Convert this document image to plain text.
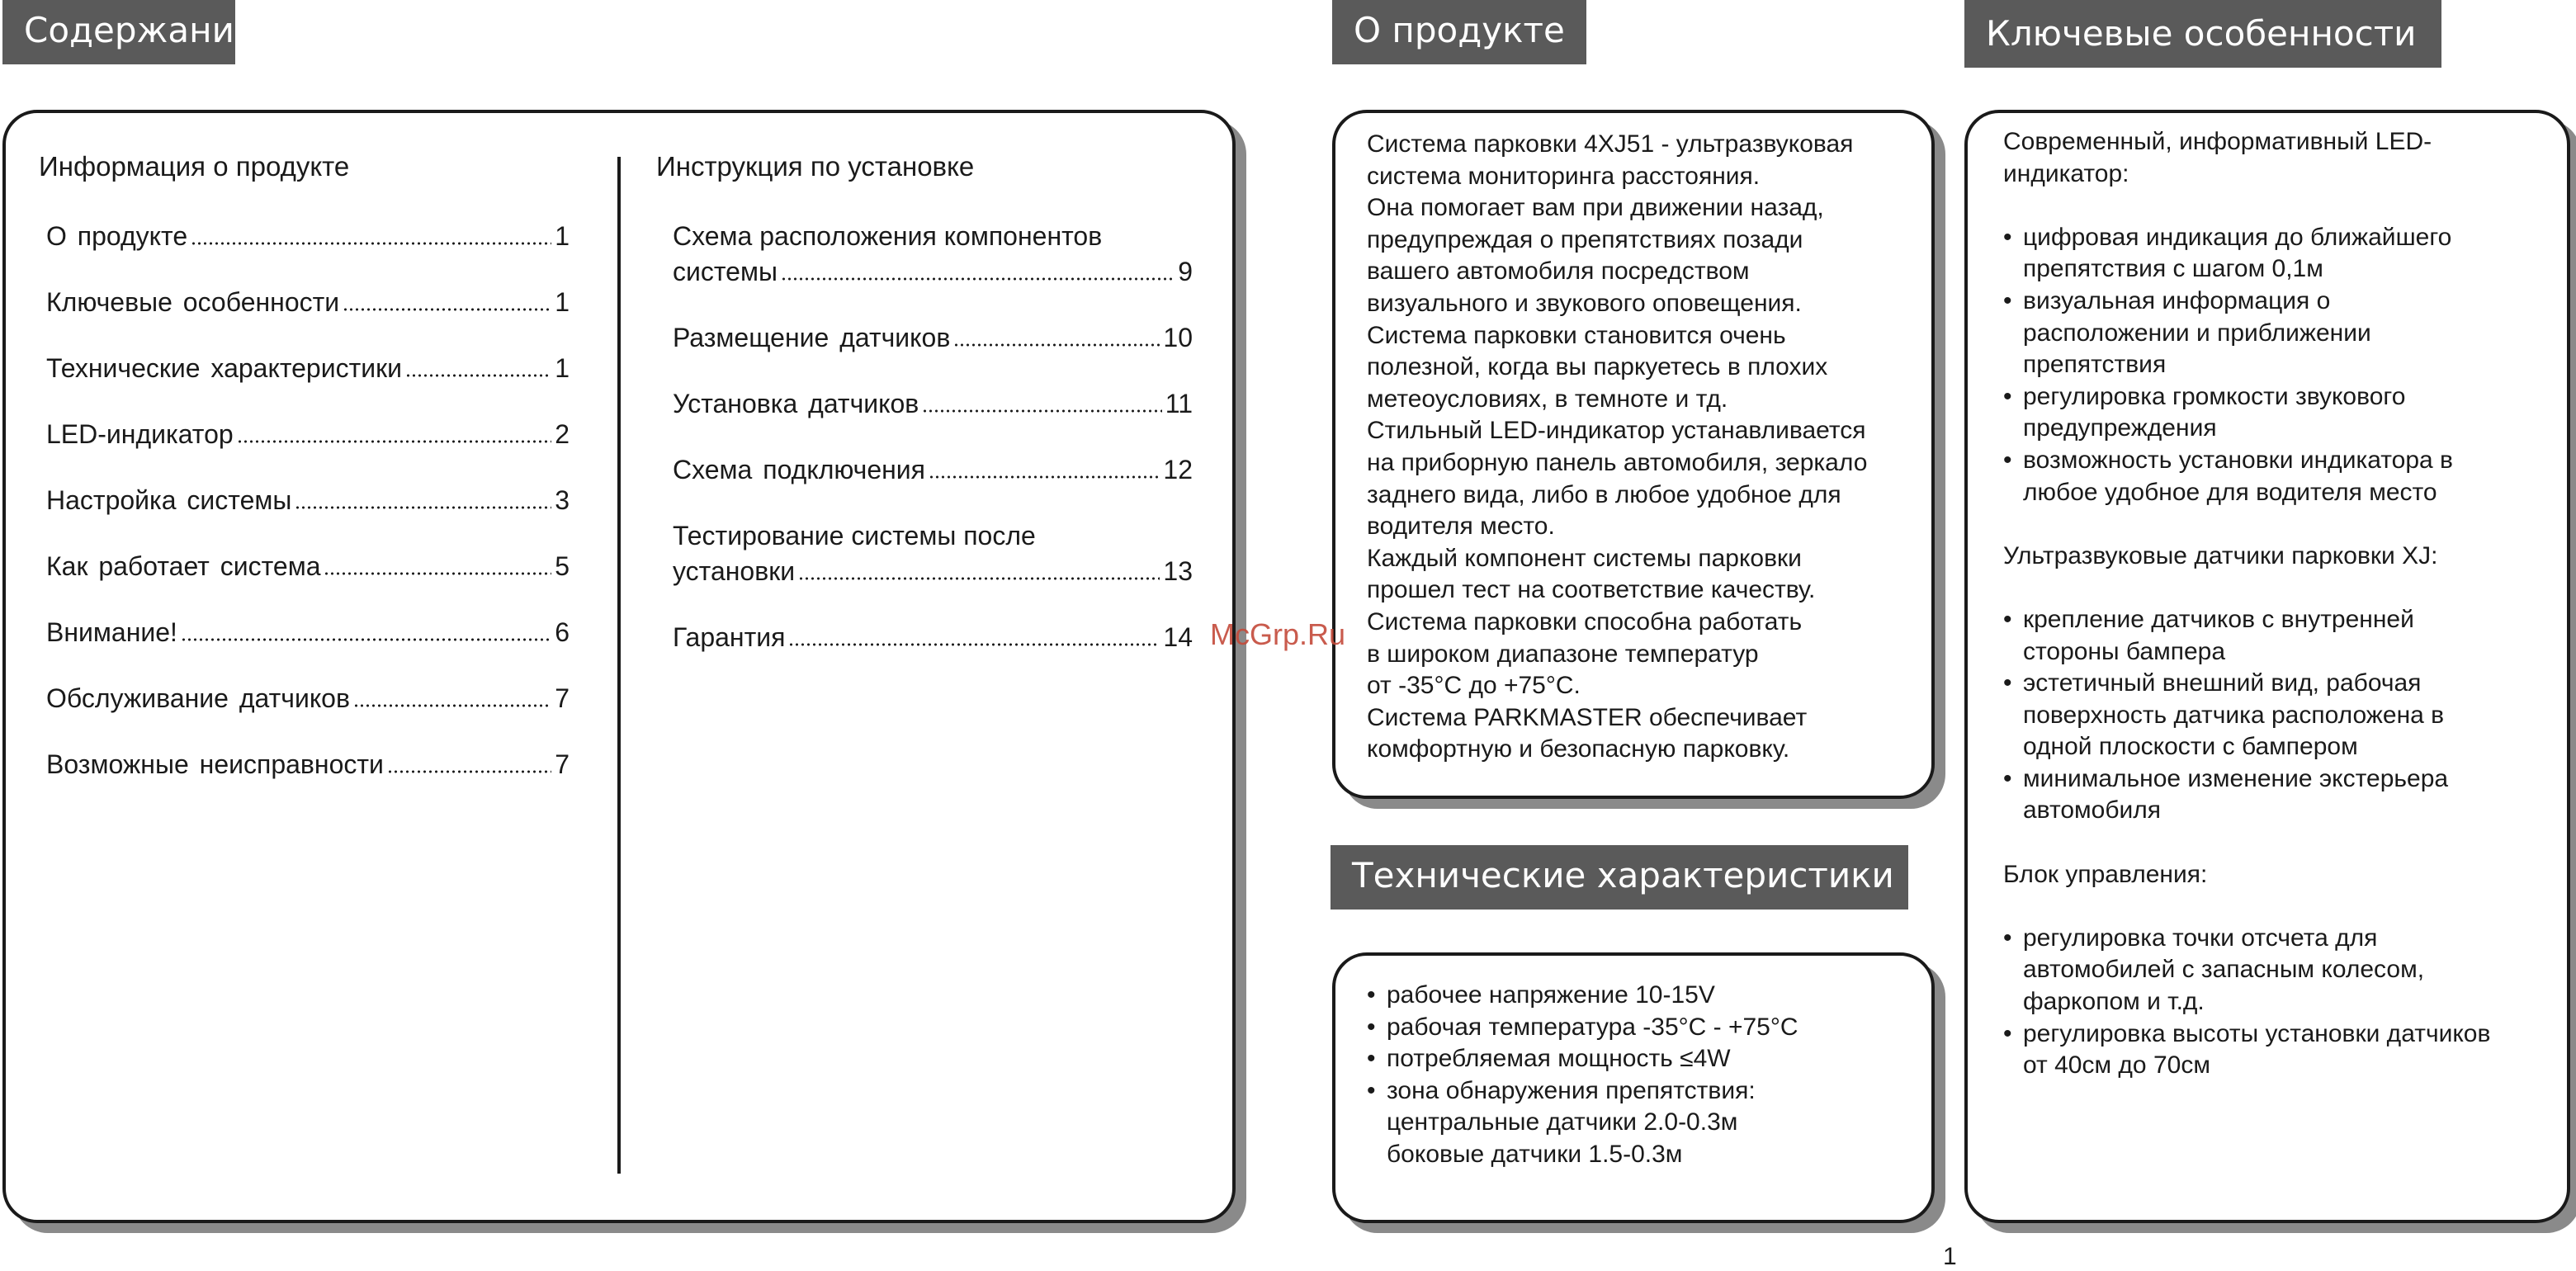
Содержание	О продукте	Ключевые особенности
Технические характеристики
Информация о продукте
О продукте	1
Ключевые особенности	1
Технические характеристики	1
LED-индикатор	2
Настройка системы	3
Как работает система	5
Внимание!	6
Обслуживание датчиков	7
Возможные неисправности	7
Инструкция по установке
Схема расположения компонентов
системы	9
Размещение датчиков	10
Установка датчиков	11
Схема подключения	12
Тестирование системы после
установки	13
Гарантия	14

Система парковки 4XJ51 - ультразвуковая

система мониторинга расстояния.

Она помогает вам при движении назад,

предупреждая о препятствиях позади

вашего автомобиля посредством

визуального и звукового оповещения.

Система парковки становится очень

полезной, когда вы паркуетесь в плохих

метеоусловиях, в темноте и тд.

Стильный LED-индикатор устанавливается

на приборную панель автомобиля, зеркало

заднего вида, либо в любое удобное для

водителя место.

Каждый компонент системы парковки

прошел тест на соответствие качеству.

Система парковки способна работать

в широком диапазоне температур

от -35°C до +75°C.

Система PARKMASTER обеспечивает

комфортную и безопасную парковку.

• рабочее напряжение 10-15V
• рабочая температура -35°С - +75°С
• потребляемая мощность ≤4W
• зона обнаружения препятствия:
центральные датчики 2.0-0.3м
боковые датчики 1.5-0.3м

Современный, информативный LED-

индикатор:

• цифровая индикация до ближайшего
препятствия с шагом 0,1м
• визуальная информация о
расположении и приближении
препятствия
• регулировка громкости звукового
предупреждения
• возможность установки индикатора в
любое удобное для водителя место

Ультразвуковые датчики парковки XJ:

• крепление датчиков с внутренней
стороны бампера
• эстетичный внешний вид, рабочая
поверхность датчика расположена в
одной плоскости с бампером
• минимальное изменение экстерьера
автомобиля

Блок управления:

• регулировка точки отсчета для
автомобилей с запасным колесом,
фаркопом и т.д.
• регулировка высоты установки датчиков
от 40см до 70см
McGrp.Ru
1
